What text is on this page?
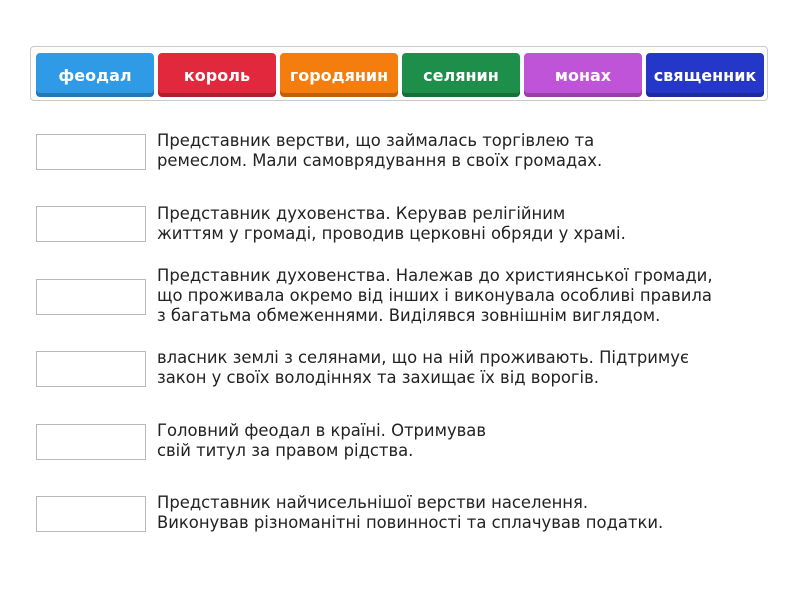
феодал	король	городянин	селянин	монах	священник
Представник верстви, що займалась торгівлею та
ремеслом. Мали самоврядування в своїх громадах.
Представник духовенства. Керував релігійним
життям у громаді, проводив церковні обряди у храмі.
Представник духовенства. Належав до християнської громади,
що проживала окремо від інших і виконувала особливі правила
з багатьма обмеженнями. Виділявся зовнішнім виглядом.
власник землі з селянами, що на ній проживають. Підтримує
закон у своїх володіннях та захищає їх від ворогів.
Головний феодал в країні. Отримував
свій титул за правом рідства.
Представник найчисельнішої верстви населення.
Виконував різноманітні повинності та сплачував податки.
